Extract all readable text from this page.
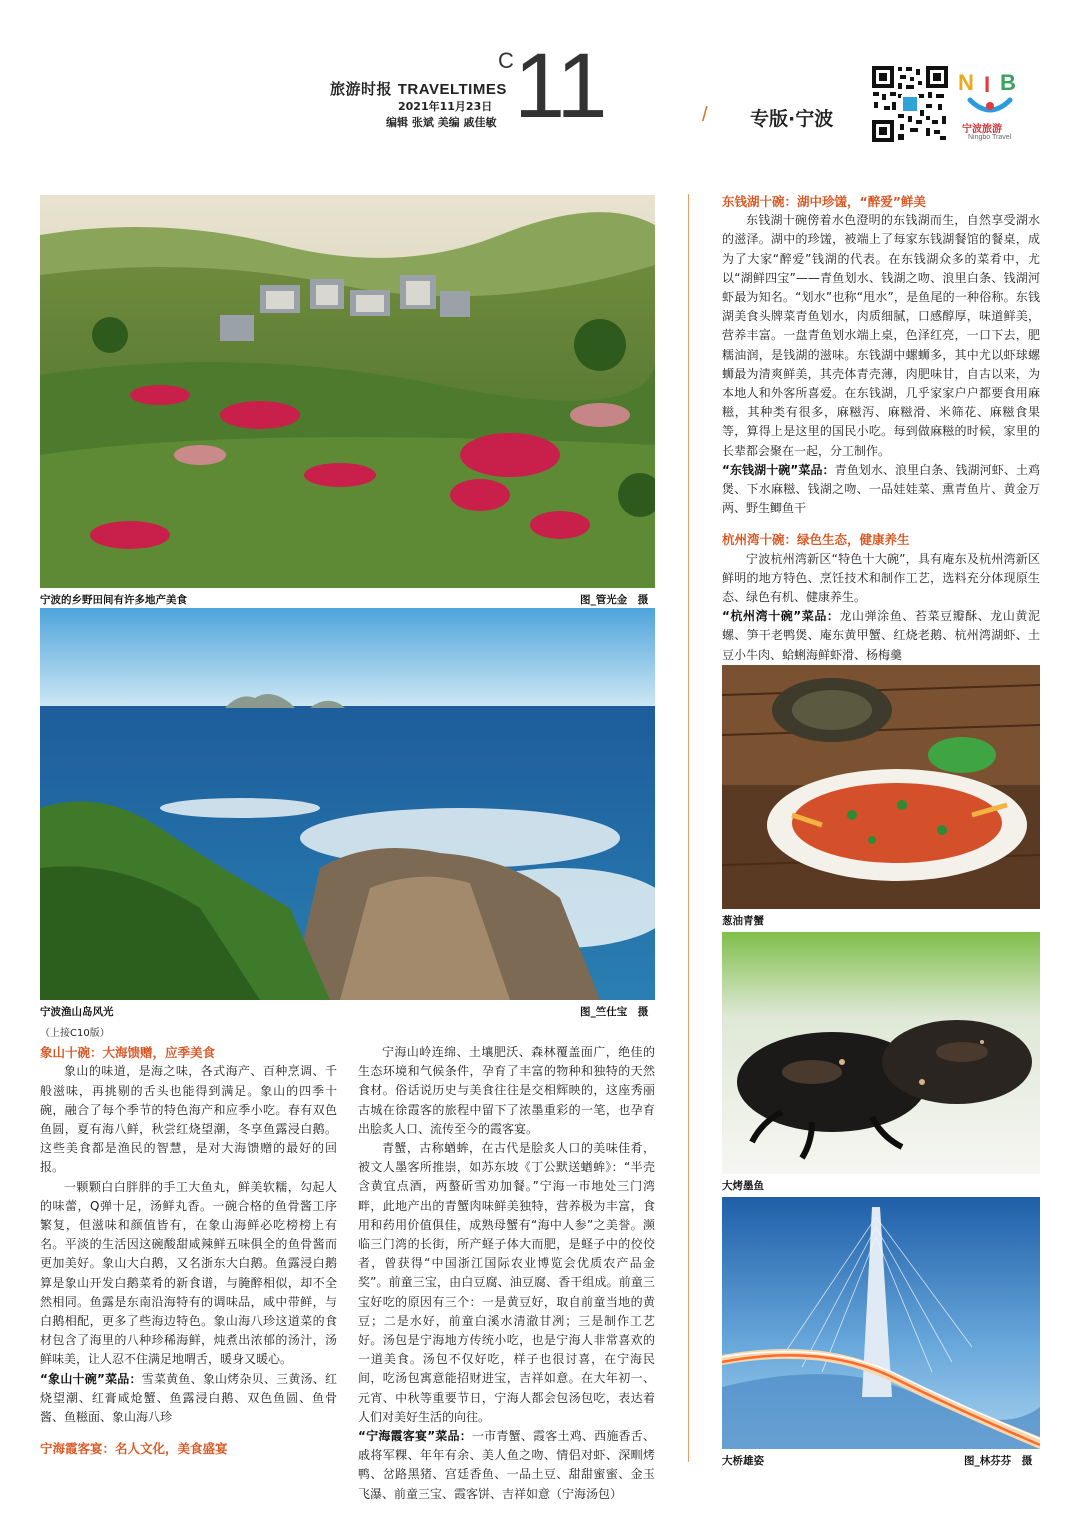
旅游时报 TRAVELTIMES
2021年11月23日
编辑 张斌 美编 戚佳敏
C 11	/ 专版·宁波
N I B
宁波旅游
Ningbo Travel
宁波的乡野田间有许多地产美食	图_管光金　摄
宁波渔山岛风光	图_竺仕宝　摄
葱油青蟹
大烤墨鱼
大桥雄姿	图_林芬芬　摄

（上接C10版）

象山十碗：大海馈赠，应季美食

象山的味道，是海之味，各式海产、百种烹调、千般滋味，再挑剔的舌头也能得到满足。象山的四季十碗，融合了每个季节的特色海产和应季小吃。春有双色鱼圆，夏有海八鲜，秋尝红烧望潮，冬享鱼露浸白鹅。这些美食都是渔民的智慧，是对大海馈赠的最好的回报。

一颗颗白白胖胖的手工大鱼丸，鲜美软糯，勾起人的味蕾，Q弹十足，汤鲜丸香。一碗合格的鱼骨酱工序繁复，但滋味和颜值皆有，在象山海鲜必吃榜榜上有名。平淡的生活因这碗酸甜咸辣鲜五味俱全的鱼骨酱而更加美好。象山大白鹅，又名浙东大白鹅。鱼露浸白鹅算是象山开发白鹅菜肴的新食谱，与腌醉相似，却不全然相同。鱼露是东南沿海特有的调味品，咸中带鲜，与白鹅相配，更多了些海边特色。象山海八珍这道菜的食材包含了海里的八种珍稀海鲜，炖煮出浓郁的汤汁，汤鲜味美，让人忍不住满足地喟舌，暖身又暖心。

“象山十碗”菜品：雪菜黄鱼、象山烤杂贝、三黄汤、红烧望潮、红膏咸炝蟹、鱼露浸白鹅、双色鱼圆、鱼骨酱、鱼糍面、象山海八珍

宁海霞客宴：名人文化，美食盛宴

宁海山岭连绵、土壤肥沃、森林覆盖面广，绝佳的生态环境和气候条件，孕育了丰富的物种和独特的天然食材。俗话说历史与美食往往是交相辉映的，这座秀丽古城在徐霞客的旅程中留下了浓墨重彩的一笔，也孕育出脍炙人口、流传至今的霞客宴。

青蟹，古称蝤蛑，在古代是脍炙人口的美味佳肴，被文人墨客所推崇，如苏东坡《丁公默送蝤蛑》：“半壳含黄宜点酒，两螯斫雪劝加餐。”宁海一市地处三门湾畔，此地产出的青蟹肉味鲜美独特，营养极为丰富，食用和药用价值俱佳，成熟母蟹有“海中人参”之美誉。濒临三门湾的长街，所产蛏子体大而肥，是蛏子中的佼佼者，曾获得“中国浙江国际农业博览会优质农产品金奖”。前童三宝，由白豆腐、油豆腐、香干组成。前童三宝好吃的原因有三个：一是黄豆好，取自前童当地的黄豆；二是水好，前童白溪水清澈甘冽；三是制作工艺好。汤包是宁海地方传统小吃，也是宁海人非常喜欢的一道美食。汤包不仅好吃，样子也很讨喜，在宁海民间，吃汤包寓意能招财进宝，吉祥如意。在大年初一、元宵、中秋等重要节日，宁海人都会包汤包吃，表达着人们对美好生活的向往。

“宁海霞客宴”菜品：一市青蟹、霞客土鸡、西施香舌、戚将军粿、年年有余、美人鱼之吻、情侣对虾、深甽烤鸭、岔路黑猪、宫廷香鱼、一品土豆、甜甜蜜蜜、金玉飞瀑、前童三宝、霞客饼、吉祥如意（宁海汤包）

东钱湖十碗：湖中珍馐，“醉爱”鲜美

东钱湖十碗傍着水色澄明的东钱湖而生，自然享受湖水的滋泽。湖中的珍馐，被端上了每家东钱湖餐馆的餐桌，成为了大家“醉爱”钱湖的代表。在东钱湖众多的菜肴中，尤以“湖鲜四宝”——青鱼划水、钱湖之吻、浪里白条、钱湖河虾最为知名。“划水”也称“甩水”，是鱼尾的一种俗称。东钱湖美食头牌菜青鱼划水，肉质细腻，口感醇厚，味道鲜美，营养丰富。一盘青鱼划水端上桌，色泽红亮，一口下去，肥糯油润，是钱湖的滋味。东钱湖中螺蛳多，其中尤以虾球螺蛳最为清爽鲜美，其壳体青壳薄，肉肥味甘，自古以来，为本地人和外客所喜爱。在东钱湖，几乎家家户户都要食用麻糍，其种类有很多，麻糍泻、麻糍滑、米筛花、麻糍食果等，算得上是这里的国民小吃。每到做麻糍的时候，家里的长辈都会聚在一起，分工制作。

“东钱湖十碗”菜品：青鱼划水、浪里白条、钱湖河虾、土鸡煲、下水麻糍、钱湖之吻、一品娃娃菜、熏青鱼片、黄金万两、野生鲫鱼干

杭州湾十碗：绿色生态，健康养生

宁波杭州湾新区“特色十大碗”，具有庵东及杭州湾新区鲜明的地方特色、烹饪技术和制作工艺，选料充分体现原生态、绿色有机、健康养生。

“杭州湾十碗”菜品：龙山弹涂鱼、苔菜豆瓣酥、龙山黄泥螺、笋干老鸭煲、庵东黄甲蟹、红烧老鹅、杭州湾湖虾、土豆小牛肉、蛤蜊海鲜虾滑、杨梅羹
